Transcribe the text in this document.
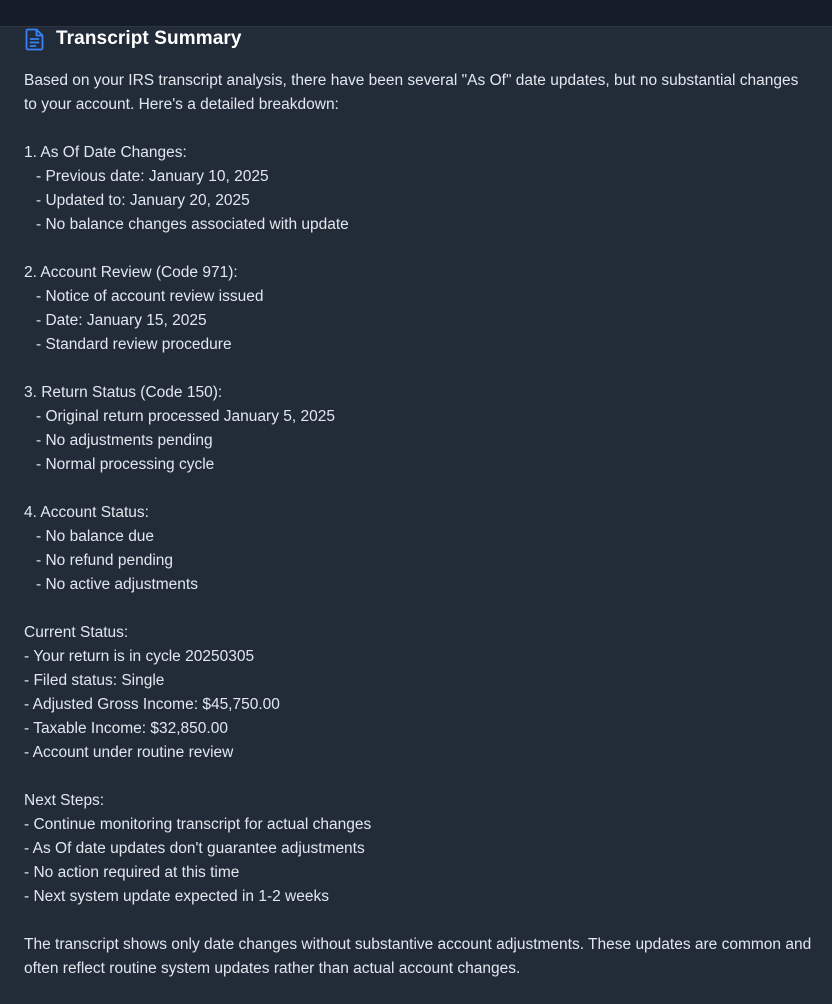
Transcript Summary
Based on your IRS transcript analysis, there have been several "As Of" date updates, but no substantial changes to your account. Here's a detailed breakdown:
1. As Of Date Changes:
- Previous date: January 10, 2025
- Updated to: January 20, 2025
- No balance changes associated with update
2. Account Review (Code 971):
- Notice of account review issued
- Date: January 15, 2025
- Standard review procedure
3. Return Status (Code 150):
- Original return processed January 5, 2025
- No adjustments pending
- Normal processing cycle
4. Account Status:
- No balance due
- No refund pending
- No active adjustments
Current Status:
- Your return is in cycle 20250305
- Filed status: Single
- Adjusted Gross Income: $45,750.00
- Taxable Income: $32,850.00
- Account under routine review
Next Steps:
- Continue monitoring transcript for actual changes
- As Of date updates don't guarantee adjustments
- No action required at this time
- Next system update expected in 1-2 weeks
The transcript shows only date changes without substantive account adjustments. These updates are common and often reflect routine system updates rather than actual account changes.
